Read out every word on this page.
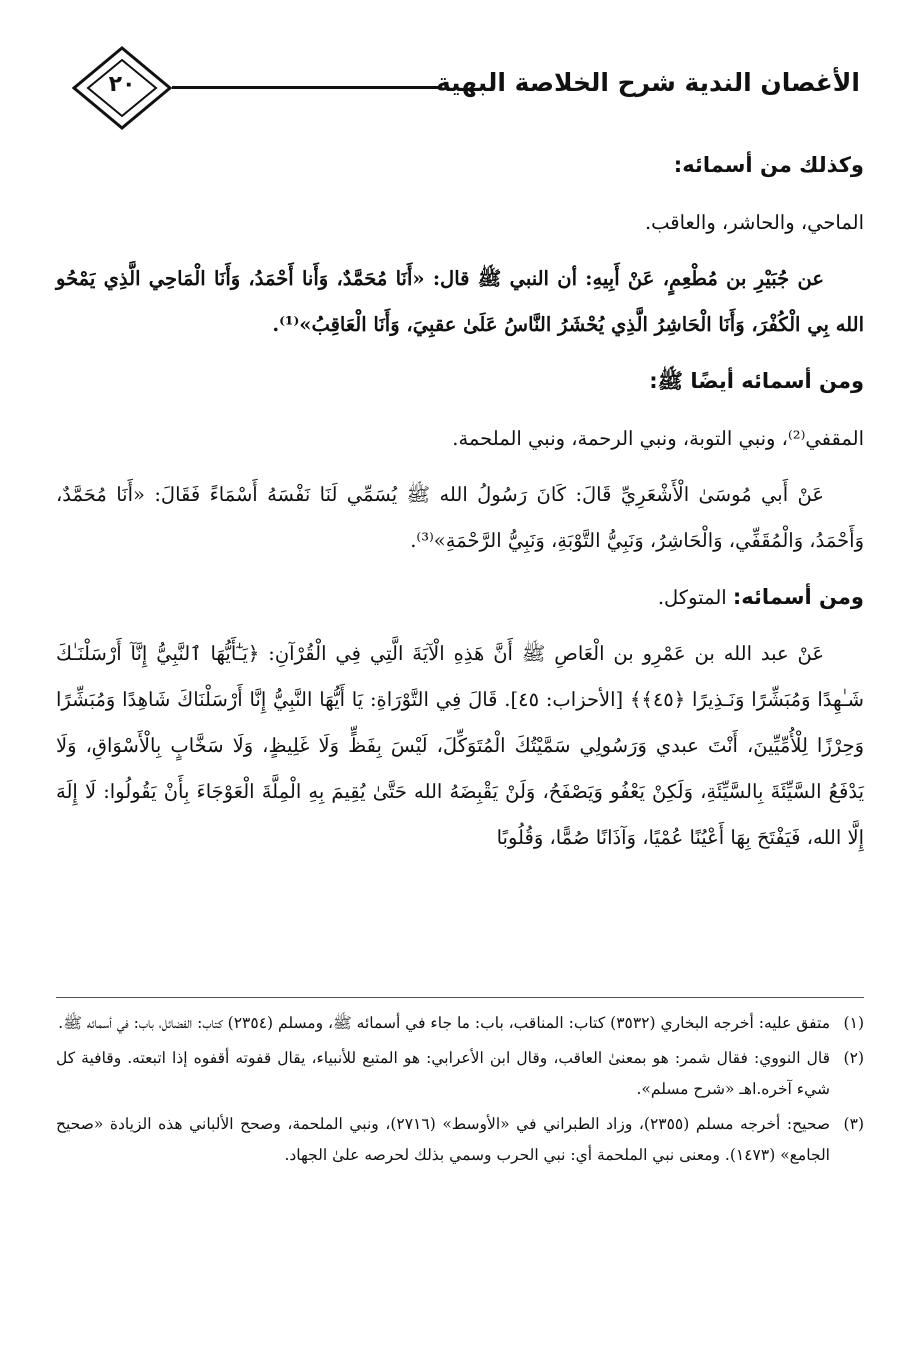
الأغصان الندية شرح الخلاصة البهية
٢٠
وكذلك من أسمائه:

الماحي، والحاشر، والعاقب.

عن جُبَيْرِ بن مُطْعِمٍ، عَنْ أَبِيهِ: أن النبي ﷺ قال: «أَنَا مُحَمَّدٌ، وَأَنا أَحْمَدُ، وَأَنَا الْمَاحِي الَّذِي يَمْحُو الله بِي الْكُفْرَ، وَأَنَا الْحَاشِرُ الَّذِي يُحْشَرُ النَّاسُ عَلَىٰ عقبِيَ، وَأَنَا الْعَاقِبُ»⁽¹⁾.

ومن أسمائه أيضًا ﷺ:

المقفي⁽²⁾، ونبي التوبة، ونبي الرحمة، ونبي الملحمة.

عَنْ أَبي مُوسَىٰ الْأَشْعَرِيِّ قَالَ: كَانَ رَسُولُ الله ﷺ يُسَمِّي لَنَا نَفْسَهُ أَسْمَاءً فَقَالَ: «أَنَا مُحَمَّدٌ، وَأَحْمَدُ، وَالْمُقَفِّي، وَالْحَاشِرُ، وَنَبِيُّ التَّوْبَةِ، وَنَبِيُّ الرَّحْمَةِ»⁽³⁾.

ومن أسمائه: المتوكل.

عَنْ عبد الله بن عَمْرِو بن الْعَاصِ ﷺ أَنَّ هَذِهِ الْآيَةَ الَّتِي فِي الْقُرْآنِ: ﴿يَـٰٓأَيُّهَا ٱلنَّبِيُّ إِنَّآ أَرْسَلْنَـٰكَ شَـٰهِدًا وَمُبَشِّرًا وَنَـذِيرًا ﴿٤٥﴾﴾ [الأحزاب: ٤٥]. قَالَ فِي التَّوْرَاةِ: يَا أَيُّهَا النَّبِيُّ إِنَّا أَرْسَلْنَاكَ شَاهِدًا وَمُبَشِّرًا وَحِرْزًا لِلْأُمِّيِّينَ، أَنْتَ عبدي وَرَسُولِي سَمَّيْتُكَ الْمُتَوَكِّلَ، لَيْسَ بِفَظٍّ وَلَا غَلِيظٍ، وَلَا سَخَّابٍ بِالْأَسْوَاقِ، وَلَا يَدْفَعُ السَّيِّئَةَ بِالسَّيِّئَةِ، وَلَكِنْ يَعْفُو وَيَصْفَحُ، وَلَنْ يَقْبِضَهُ الله حَتَّىٰ يُقِيمَ بِهِ الْمِلَّةَ الْعَوْجَاءَ بِأَنْ يَقُولُوا: لَا إِلَهَ إِلَّا الله، فَيَفْتَحَ بِهَا أَعْيُنًا عُمْيًا، وَآذَانًا صُمًّا، وَقُلُوبًا

(١)متفق عليه: أخرجه البخاري (٣٥٣٢) كتاب: المناقب، باب: ما جاء في أسمائه ﷺ، ومسلم (٢٣٥٤) كتاب: الفضائل، باب: في أسمائه ﷺ.

(٢)قال النووي: فقال شمر: هو بمعنىٰ العاقب، وقال ابن الأعرابي: هو المتبع للأنبياء، يقال قفوته أقفوه إذا اتبعته. وقافية كل شيء آخره.اهـ «شرح مسلم».

(٣)صحيح: أخرجه مسلم (٢٣٥٥)، وزاد الطبراني في «الأوسط» (٢٧١٦)، ونبي الملحمة، وصحح الألباني هذه الزيادة «صحيح الجامع» (١٤٧٣). ومعنى نبي الملحمة أي: نبي الحرب وسمي بذلك لحرصه علىٰ الجهاد.
